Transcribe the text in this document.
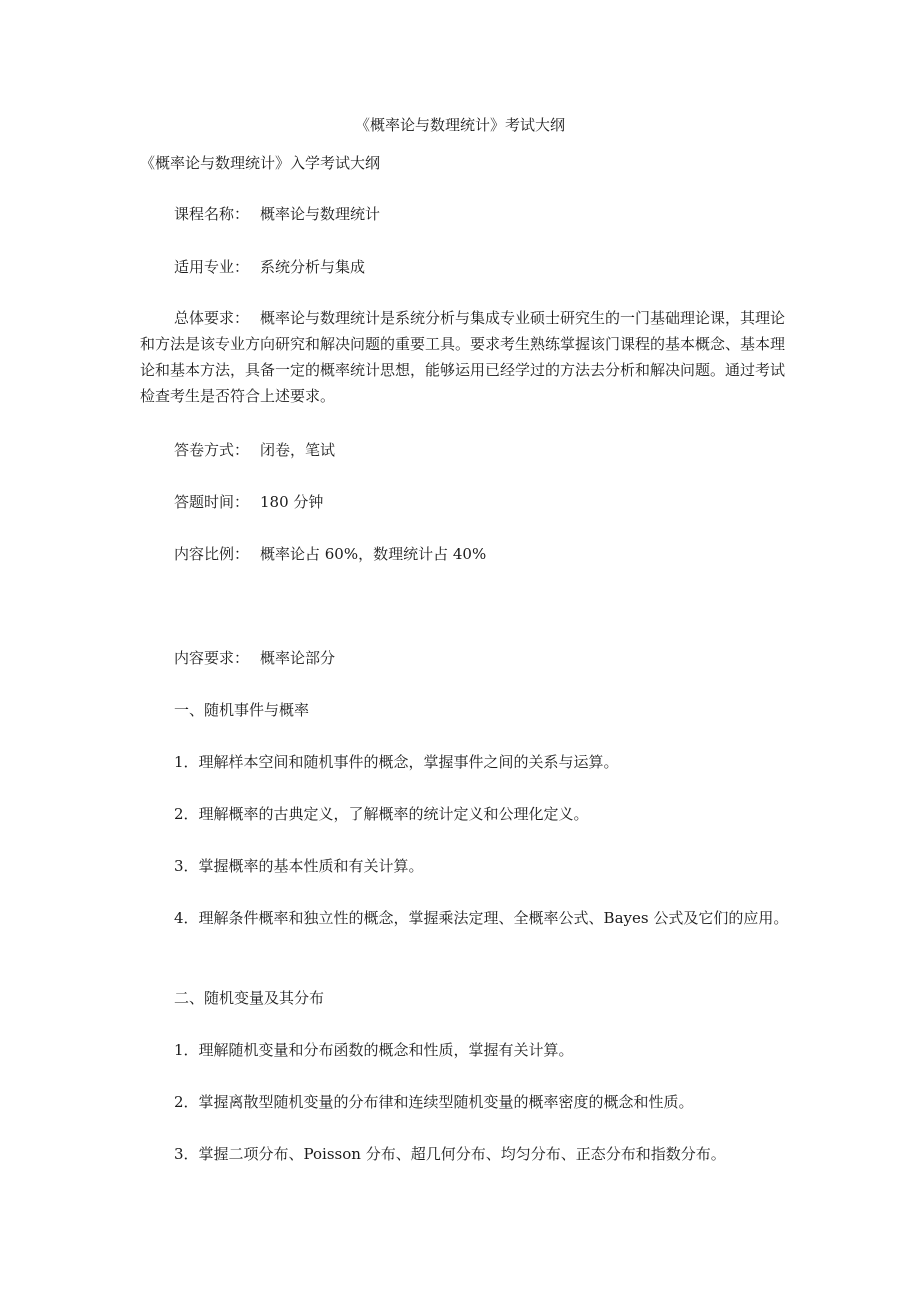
《概率论与数理统计》考试大纲
《概率论与数理统计》入学考试大纲

课程名称： 概率论与数理统计

适用专业： 系统分析与集成

总体要求： 概率论与数理统计是系统分析与集成专业硕士研究生的一门基础理论课，其理论和方法是该专业方向研究和解决问题的重要工具。要求考生熟练掌握该门课程的基本概念、基本理论和基本方法，具备一定的概率统计思想，能够运用已经学过的方法去分析和解决问题。通过考试检查考生是否符合上述要求。

答卷方式： 闭卷，笔试

答题时间： 180 分钟

内容比例： 概率论占 60%，数理统计占 40%

内容要求： 概率论部分

一、随机事件与概率

1．理解样本空间和随机事件的概念，掌握事件之间的关系与运算。

2．理解概率的古典定义，了解概率的统计定义和公理化定义。

3．掌握概率的基本性质和有关计算。

4．理解条件概率和独立性的概念，掌握乘法定理、全概率公式、Bayes 公式及它们的应用。

二、随机变量及其分布

1．理解随机变量和分布函数的概念和性质，掌握有关计算。

2．掌握离散型随机变量的分布律和连续型随机变量的概率密度的概念和性质。

3．掌握二项分布、Poisson 分布、超几何分布、均匀分布、正态分布和指数分布。
